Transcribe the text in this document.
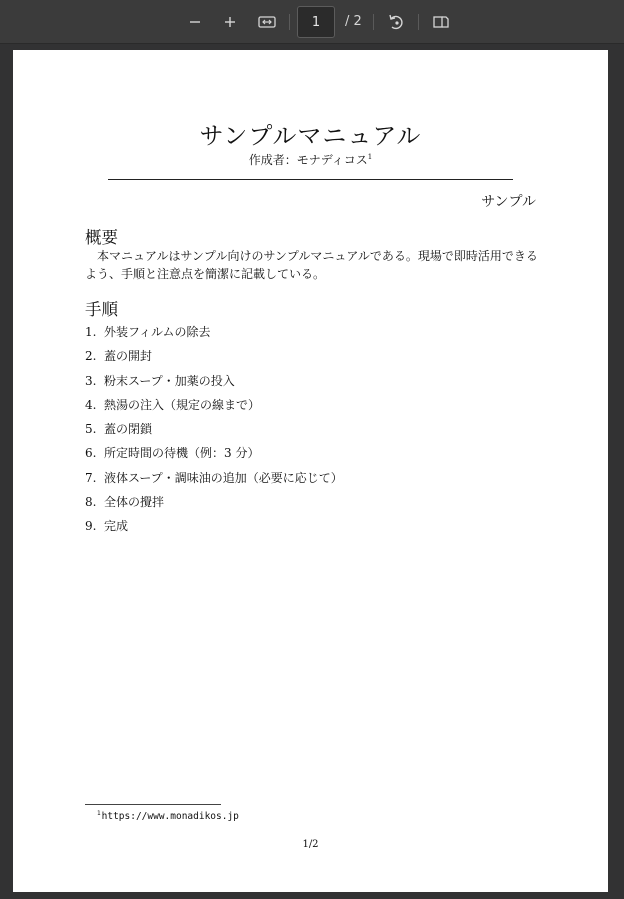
1
/ 2
サンプルマニュアル
作成者：モナディコス$^1$
サンプル
概要

本マニュアルはサンプル向けのサンプルマニュアルである。現場で即時活用できるよう、手順と注意点を簡潔に記載している。

手順
1. 外装フィルムの除去
2. 蓋の開封
3. 粉末スープ・加薬の投入
4. 熱湯の注入（規定の線まで）
5. 蓋の閉鎖
6. 所定時間の待機（例：3 分）
7. 液体スープ・調味油の追加（必要に応じて）
8. 全体の攪拌
9. 完成
$^1$https://www.monadikos.jp
1/2
